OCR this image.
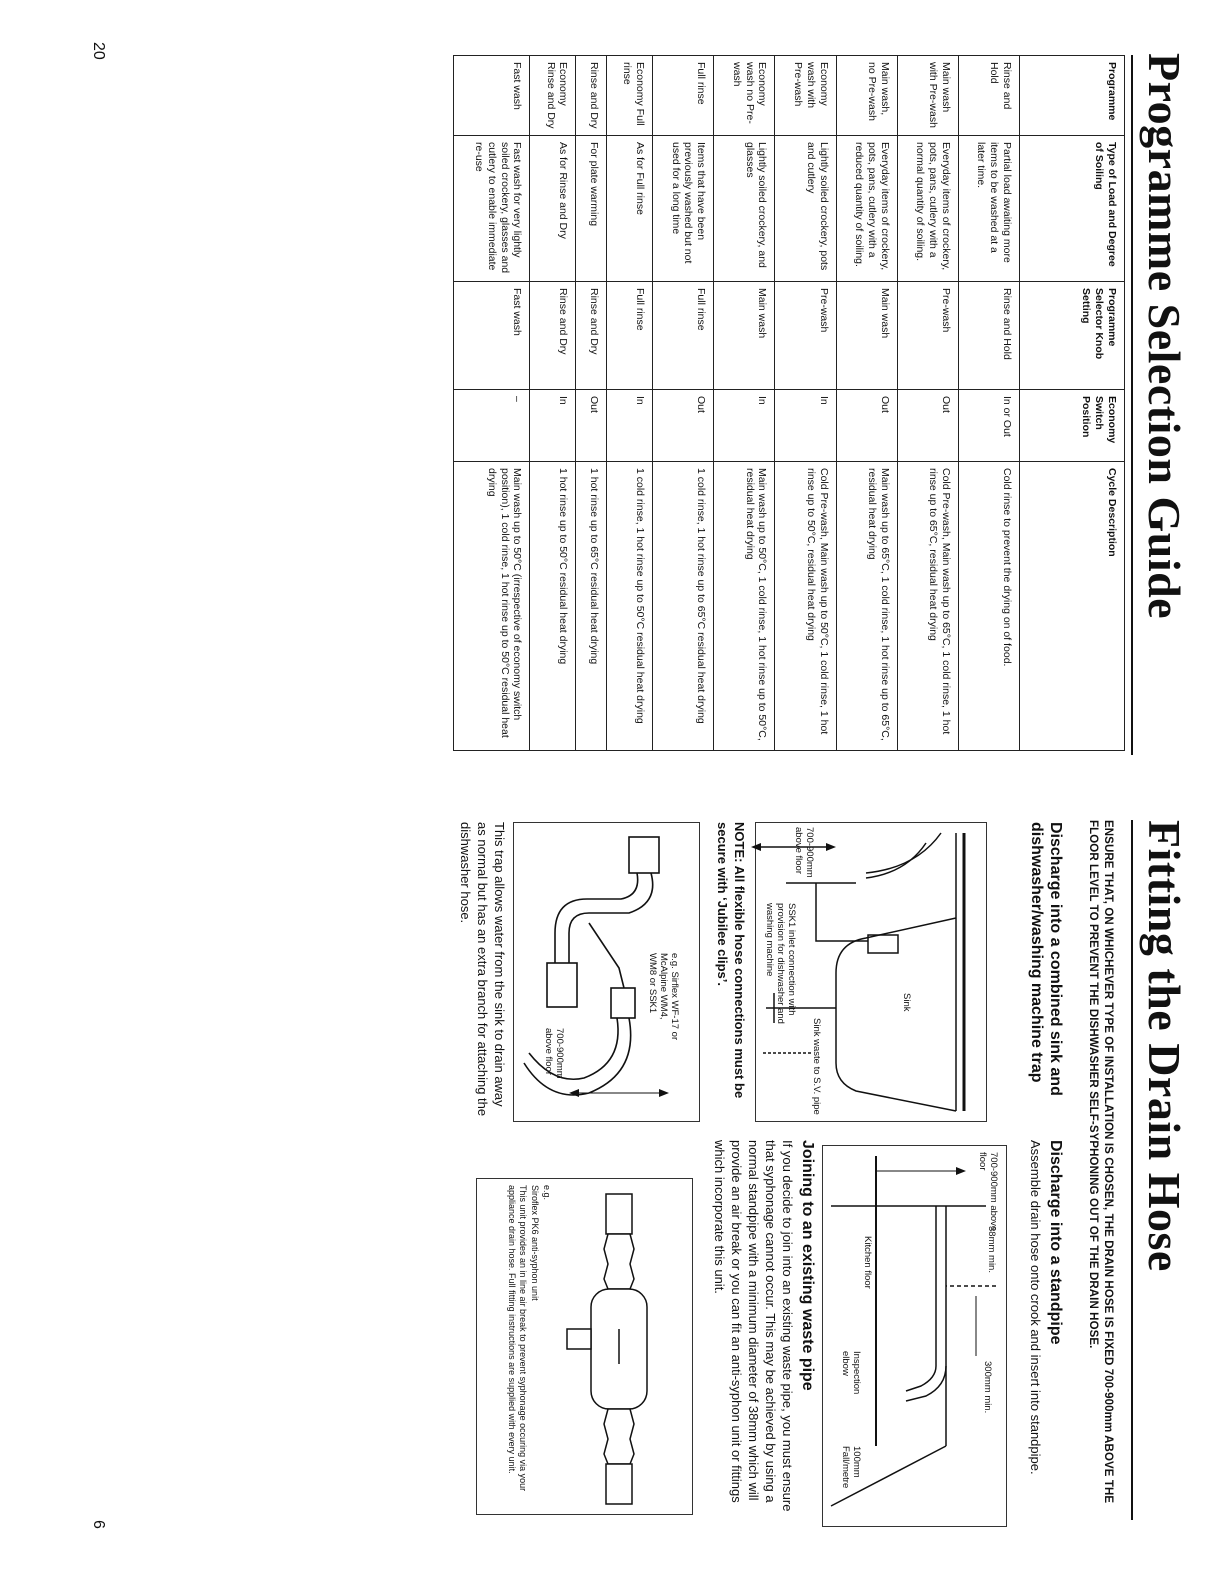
20
Programme Selection Guide
Programme	Type of Load and Degree of Soiling	Programme Selector Knob Setting	Economy Switch Position	Cycle Description
Rinse and Hold	Partial load awaiting more items to be washed at a later time.	Rinse and Hold	In or Out	Cold rinse to prevent the drying on of food.
Main wash with Pre-wash	Everyday items of crockery, pots, pans, cutlery with a normal quantity of soiling.	Pre-wash	Out	Cold Pre-wash, Main wash up to 65°C, 1 cold rinse, 1 hot rinse up to 65°C, residual heat drying
Main wash, no Pre-wash	Everyday items of crockery, pots, pans, cutlery with a reduced quantity of soiling.	Main wash	Out	Main wash up to 65°C, 1 cold rinse, 1 hot rinse up to 65°C, residual heat drying
Economy wash with Pre-wash	Lightly soiled crockery, pots and cutlery	Pre-wash	In	Cold Pre-wash, Main wash up to 50°C, 1 cold rinse, 1 hot rinse up to 50°C, residual heat drying
Economy wash no Pre-wash	Lightly soiled crockery, and glasses	Main wash	In	Main wash up to 50°C, 1 cold rinse, 1 hot rinse up to 50°C, residual heat drying
Full rinse	Items that have been previously washed but not used for a long time	Full rinse	Out	1 cold rinse, 1 hot rinse up to 65°C residual heat drying
Economy Full rinse	As for Full rinse	Full rinse	In	1 cold rinse, 1 hot rinse up to 50°C residual heat drying
Rinse and Dry	For plate warming	Rinse and Dry	Out	1 hot rinse up to 65°C residual heat drying
Economy Rinse and Dry	As for Rinse and Dry	Rinse and Dry	In	1 hot rinse up to 50°C residual heat drying
Fast wash	Fast wash for very lightly soiled crockery, glasses and cutlery to enable immediate re-use	Fast wash	–	Main wash up to 50°C (irrespective of economy switch position), 1 cold rinse, 1 hot rinse up to 50°C residual heat drying
6
Fitting the Drain Hose
ENSURE THAT, ON WHICHEVER TYPE OF INSTALLATION IS CHOSEN, THE DRAIN HOSE IS FIXED 700-900mm ABOVE THE FLOOR LEVEL TO PREVENT THE DISHWASHER SELF-SYPHONING OUT OF THE DRAIN HOSE.
Discharge into a combined sink and dishwasher/washing machine trap
Sink
Sink waste to S.V. pipe
700-900mm above floor
SSK1 inlet connection with provision for dishwasher and washing machine
NOTE: All flexible hose connections must be secure with ‘Jubilee clips’.
e.g. Sirflex WF-17 or McAlpine WM4, WM8 or SSK1
700-900mm above floor
This trap allows water from the sink to drain away as normal but has an extra branch for attaching the dishwasher hose.
Discharge into a standpipe
Assemble drain hose onto crook and insert into standpipe.
700-900mm above floor
38mm min.
300mm min.
Kitchen floor
Inspection elbow
100mm Fall/metre
Joining to an existing waste pipe
If you decide to join into an existing waste pipe, you must ensure that syphonage cannot occur. This may be achieved by using a normal standpipe with a minimum diameter of 38mm which will provide an air break or you can fit an anti-syphon unit or fittings which incorporate this unit.
e.g.
Siroflex PK6 anti-syphon unit
This unit provides an in line air break to prevent syphonage occuring via your appliance drain hose. Full fitting instructions are supplied with every unit.
